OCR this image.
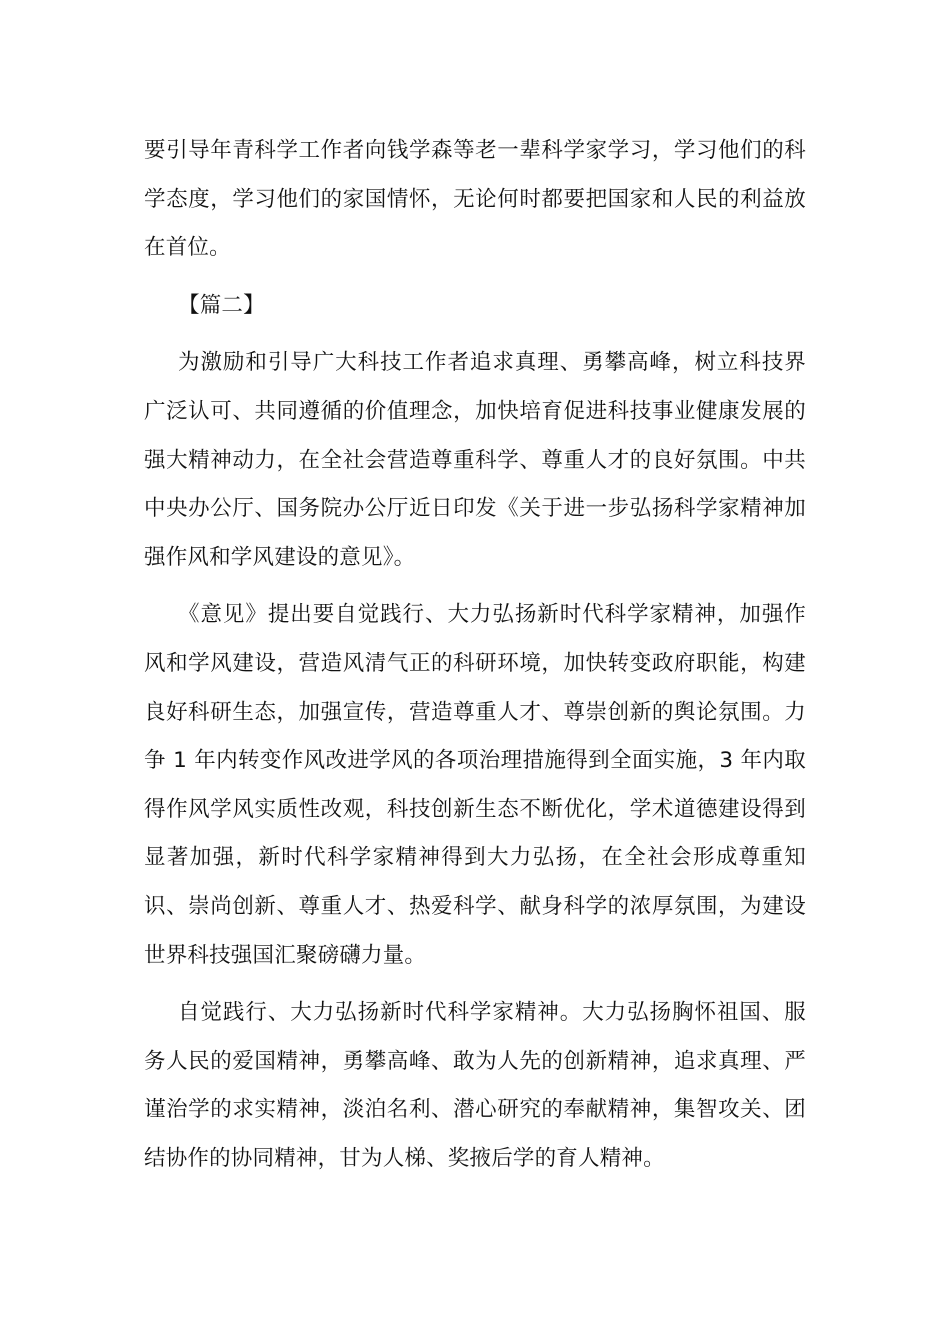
要引导年青科学工作者向钱学森等老一辈科学家学习，学习他们的科学态度，学习他们的家国情怀，无论何时都要把国家和人民的利益放在首位。

【篇二】

为激励和引导广大科技工作者追求真理、勇攀高峰，树立科技界广泛认可、共同遵循的价值理念，加快培育促进科技事业健康发展的强大精神动力，在全社会营造尊重科学、尊重人才的良好氛围。中共中央办公厅、国务院办公厅近日印发《关于进一步弘扬科学家精神加强作风和学风建设的意见》。

《意见》提出要自觉践行、大力弘扬新时代科学家精神，加强作风和学风建设，营造风清气正的科研环境，加快转变政府职能，构建良好科研生态，加强宣传，营造尊重人才、尊崇创新的舆论氛围。力争 1 年内转变作风改进学风的各项治理措施得到全面实施，3 年内取得作风学风实质性改观，科技创新生态不断优化，学术道德建设得到显著加强，新时代科学家精神得到大力弘扬，在全社会形成尊重知识、崇尚创新、尊重人才、热爱科学、献身科学的浓厚氛围，为建设世界科技强国汇聚磅礴力量。

自觉践行、大力弘扬新时代科学家精神。大力弘扬胸怀祖国、服务人民的爱国精神，勇攀高峰、敢为人先的创新精神，追求真理、严谨治学的求实精神，淡泊名利、潜心研究的奉献精神，集智攻关、团结协作的协同精神，甘为人梯、奖掖后学的育人精神。
